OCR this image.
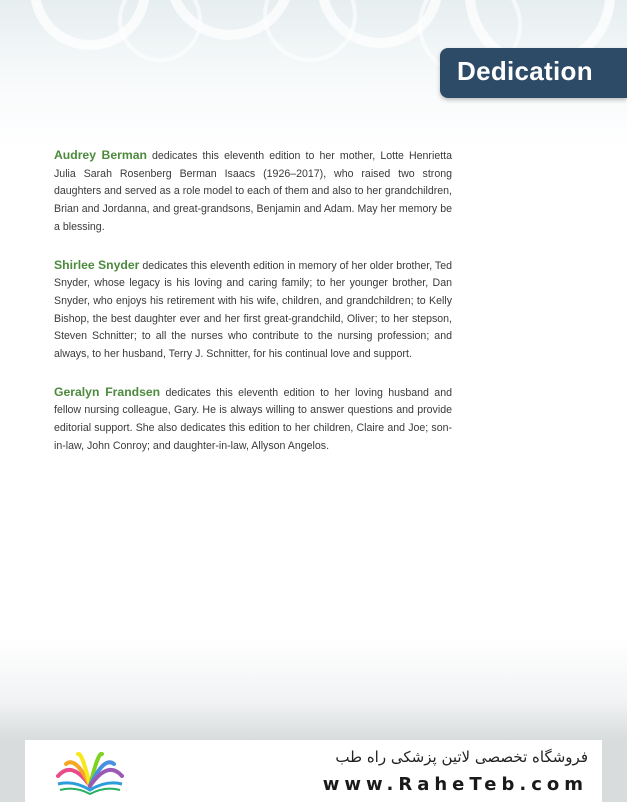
Dedication

Audrey Berman dedicates this eleventh edition to her mother, Lotte Henrietta Julia Sarah Rosenberg Berman Isaacs (1926–2017), who raised two strong daughters and served as a role model to each of them and also to her grandchildren, Brian and Jordanna, and great-grandsons, Benjamin and Adam. May her memory be a blessing.

Shirlee Snyder dedicates this eleventh edition in memory of her older brother, Ted Snyder, whose legacy is his loving and caring family; to her younger brother, Dan Snyder, who enjoys his retirement with his wife, children, and grandchildren; to Kelly Bishop, the best daughter ever and her first great-grandchild, Oliver; to her stepson, Steven Schnitter; to all the nurses who contribute to the nursing profession; and always, to her husband, Terry J. Schnitter, for his continual love and support.

Geralyn Frandsen dedicates this eleventh edition to her loving husband and fellow nursing colleague, Gary. He is always willing to answer questions and provide editorial support. She also dedicates this edition to her children, Claire and Joe; son-in-law, John Conroy; and daughter-in-law, Allyson Angelos.

فروشگاه تخصصی لاتین پزشکی راه طب
www.RaheTeb.com
